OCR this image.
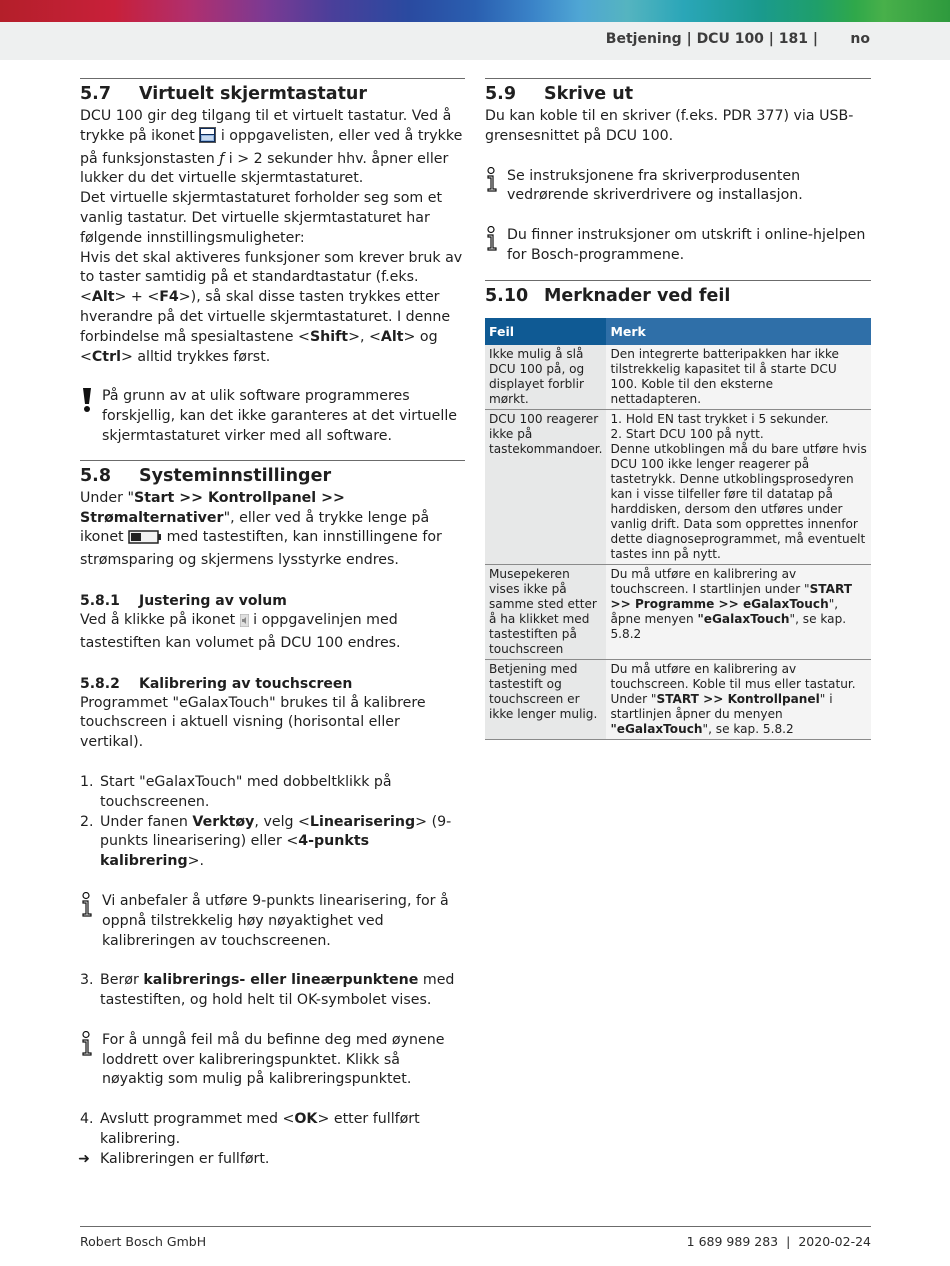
Betjening | DCU 100 | 181 | no
5.7 Virtuelt skjermtastatur

DCU 100 gir deg tilgang til et virtuelt tastatur. Ved å trykke på ikonet i oppgavelisten, eller ved å trykke på funksjonstasten ƒ i > 2 sekunder hhv. åpner eller lukker du det virtuelle skjermtastaturet.

Det virtuelle skjermtastaturet forholder seg som et vanlig tastatur. Det virtuelle skjermtastaturet har følgende innstillingsmuligheter:

Hvis det skal aktiveres funksjoner som krever bruk av to taster samtidig på et standardtastatur (f.eks. <Alt> + <F4>), så skal disse tasten trykkes etter hverandre på det virtuelle skjermtastaturet. I denne forbindelse må spesialtastene <Shift>, <Alt> og <Ctrl> alltid trykkes først.

På grunn av at ulik software programmeres forskjellig, kan det ikke garanteres at det virtuelle skjermtastaturet virker med all software.
5.8 Systeminnstillinger

Under "Start >> Kontrollpanel >> Strømalternativer", eller ved å trykke lenge på ikonet	med tastestiften, kan innstillingene for strømsparing og skjermens lysstyrke endres.

5.8.1 Justering av volum

Ved å klikke på ikonet i oppgavelinjen med tastestiften kan volumet på DCU 100 endres.

5.8.2 Kalibrering av touchscreen

Programmet "eGalaxTouch" brukes til å kalibrere touchscreen i aktuell visning (horisontal eller vertikal).

1. Start "eGalaxTouch" med dobbeltklikk på touchscreenen.
2. Under fanen Verktøy, velg <Linearisering> (9-punkts linearisering) eller <4-punkts kalibrering>.
Vi anbefaler å utføre 9-punkts linearisering, for å oppnå tilstrekkelig høy nøyaktighet ved kalibreringen av touchscreenen.
3. Berør kalibrerings- eller lineærpunktene med tastestiften, og hold helt til OK-symbolet vises.
For å unngå feil må du befinne deg med øynene loddrett over kalibreringspunktet. Klikk så nøyaktig som mulig på kalibreringspunktet.
4. Avslutt programmet med <OK> etter fullført kalibrering.
➜ Kalibreringen er fullført.
5.9 Skrive ut

Du kan koble til en skriver (f.eks. PDR 377) via USB-grensesnittet på DCU 100.

Se instruksjonene fra skriverprodusenten vedrørende skriverdrivere og installasjon.
Du finner instruksjoner om utskrift i online-hjelpen for Bosch-programmene.
5.10 Merknader ved feil
Feil	Merk
Ikke mulig å slå DCU 100 på, og displayet forblir mørkt.	Den integrerte batteripakken har ikke tilstrekkelig kapasitet til å starte DCU 100. Koble til den eksterne nettadapteren.
DCU 100 reagerer ikke på tastekommandoer.	1. Hold EN tast trykket i 5 sekunder.
2. Start DCU 100 på nytt.
Denne utkoblingen må du bare utføre hvis DCU 100 ikke lenger reagerer på tastetrykk. Denne utkoblingsprosedyren kan i visse tilfeller føre til datatap på harddisken, dersom den utføres under vanlig drift. Data som opprettes innenfor dette diagnoseprogrammet, må eventuelt tastes inn på nytt.

Musepekeren vises ikke på samme sted etter å ha klikket med tastestiften på touchscreen	Du må utføre en kalibrering av touchscreen. I startlinjen under "START >> Programme >> eGalaxTouch", åpne menyen "eGalaxTouch", se kap. 5.8.2
Betjening med tastestift og touchscreen er ikke lenger mulig.	Du må utføre en kalibrering av touchscreen. Koble til mus eller tastatur. Under "START >> Kontrollpanel" i startlinjen åpner du menyen "eGalaxTouch", se kap. 5.8.2
Robert Bosch GmbH	1 689 989 283 | 2020-02-24
